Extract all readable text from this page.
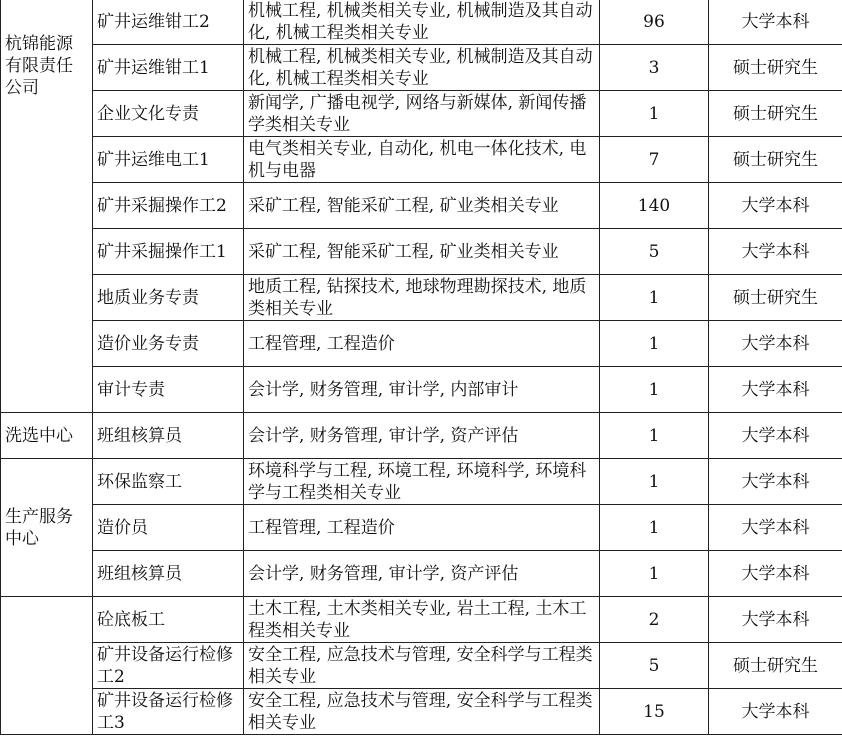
杭锦能源有限责任公司	矿井运维钳工2	机械工程, 机械类相关专业, 机械制造及其自动化, 机械工程类相关专业	96	大学本科
	矿井运维钳工1	机械工程, 机械类相关专业, 机械制造及其自动化, 机械工程类相关专业	3	硕士研究生
	企业文化专责	新闻学, 广播电视学, 网络与新媒体, 新闻传播学类相关专业	1	硕士研究生
	矿井运维电工1	电气类相关专业, 自动化, 机电一体化技术, 电机与电器	7	硕士研究生
	矿井采掘操作工2	采矿工程, 智能采矿工程, 矿业类相关专业	140	大学本科
	矿井采掘操作工1	采矿工程, 智能采矿工程, 矿业类相关专业	5	大学本科
	地质业务专责	地质工程, 钻探技术, 地球物理勘探技术, 地质类相关专业	1	硕士研究生
	造价业务专责	工程管理, 工程造价	1	大学本科
	审计专责	会计学, 财务管理, 审计学, 内部审计	1	大学本科
洗选中心	班组核算员	会计学, 财务管理, 审计学, 资产评估	1	大学本科
生产服务中心	环保监察工	环境科学与工程, 环境工程, 环境科学, 环境科学与工程类相关专业	1	大学本科
	造价员	工程管理, 工程造价	1	大学本科
	班组核算员	会计学, 财务管理, 审计学, 资产评估	1	大学本科
	砼底板工	土木工程, 土木类相关专业, 岩土工程, 土木工程类相关专业	2	大学本科
	矿井设备运行检修工2	安全工程, 应急技术与管理, 安全科学与工程类相关专业	5	硕士研究生
	矿井设备运行检修工3	安全工程, 应急技术与管理, 安全科学与工程类相关专业	15	大学本科
